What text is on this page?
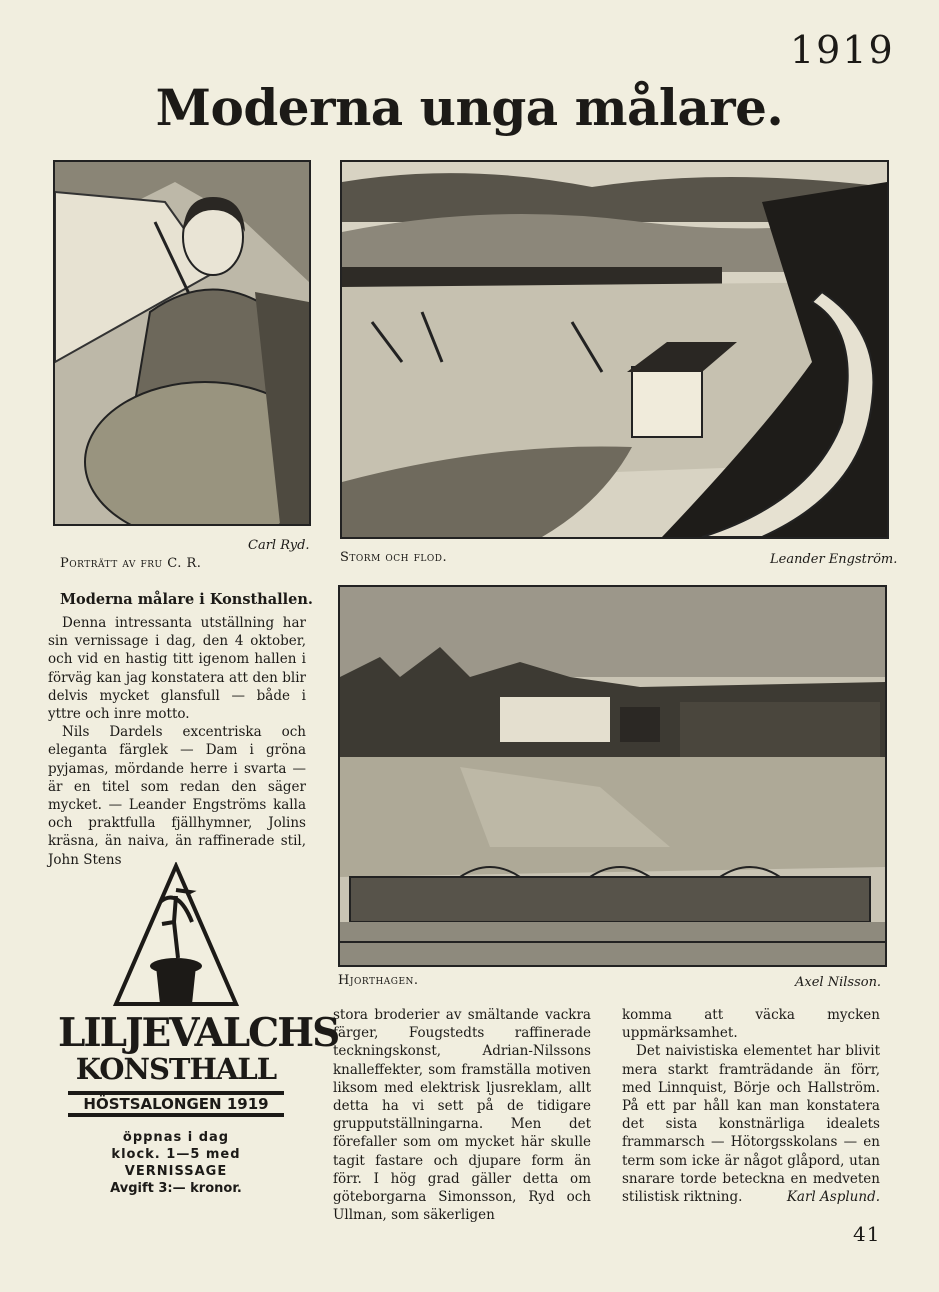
1919
Moderna unga målare.
Carl Ryd.
Porträtt av fru C. R.	Storm och flod.	Leander Engström.
Hjorthagen.	Axel Nilsson.
Moderna målare i Konsthallen.

Denna intressanta utställning har sin vernissage i dag, den 4 oktober, och vid en hastig titt igenom hallen i förväg kan jag konstatera att den blir delvis mycket glansfull — både i yttre och inre motto.

Nils Dardels excentriska och eleganta färglek — Dam i gröna pyjamas, mördande herre i svarta — är en titel som redan den säger mycket. — Leander Engströms kalla och praktfulla fjällhymner, Jolins kräsna, än naiva, än raffinerade stil, John Stens

stora broderier av smältande vackra färger, Fougstedts raffinerade teckningskonst, Adrian-Nilssons knalleffekter, som framställa motiven liksom med elektrisk ljusreklam, allt detta ha vi sett på de tidigare grupputställningarna. Men det förefaller som om mycket här skulle tagit fastare och djupare form än förr. I hög grad gäller detta om göteborgarna Simonsson, Ryd och Ullman, som säkerligen

komma att väcka mycken uppmärksamhet.

Det naivistiska elementet har blivit mera starkt framträdande än förr, med Linnquist, Börje och Hallström. På ett par håll kan man konstatera det sista konstnärliga idealets frammarsch — Hötorgsskolans — en term som icke är något glåpord, utan snarare torde beteckna en medveten stilistisk riktning.	Karl Asplund.
LILJEVALCHS
KONSTHALL
HÖSTSALONGEN 1919
öppnas i dag
klock. 1—5 med
VERNISSAGE
Avgift 3:— kronor.
41
